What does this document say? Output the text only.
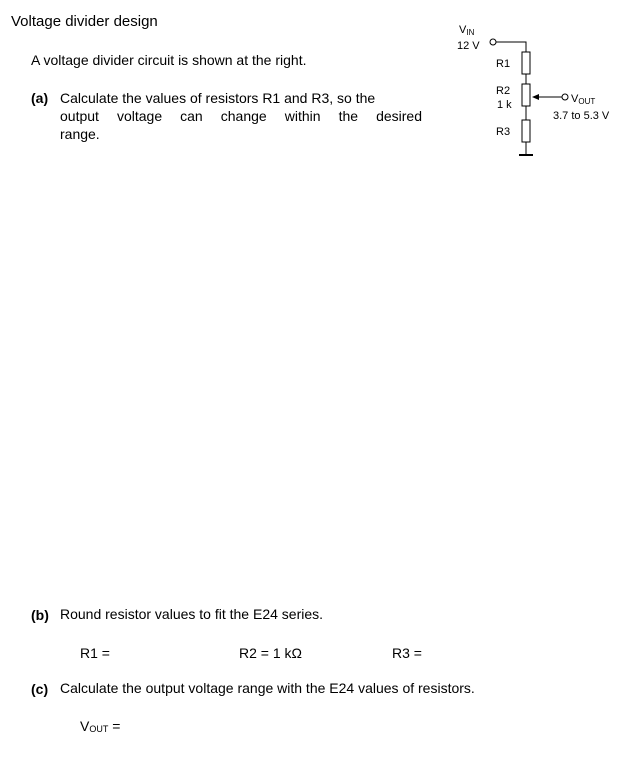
Voltage divider design
A voltage divider circuit is shown at the right.
(a) Calculate the values of resistors R1 and R3, so the
output voltage can change within the desired
range.
VIN
12 V
R1
R2
1 k	VOUT
3.7 to 5.3 V
R3
(b) Round resistor values to fit the E24 series.
R1 =	R2 = 1 kΩ	R3 =
(c) Calculate the output voltage range with the E24 values of resistors.
$V_{OUT}$ =
